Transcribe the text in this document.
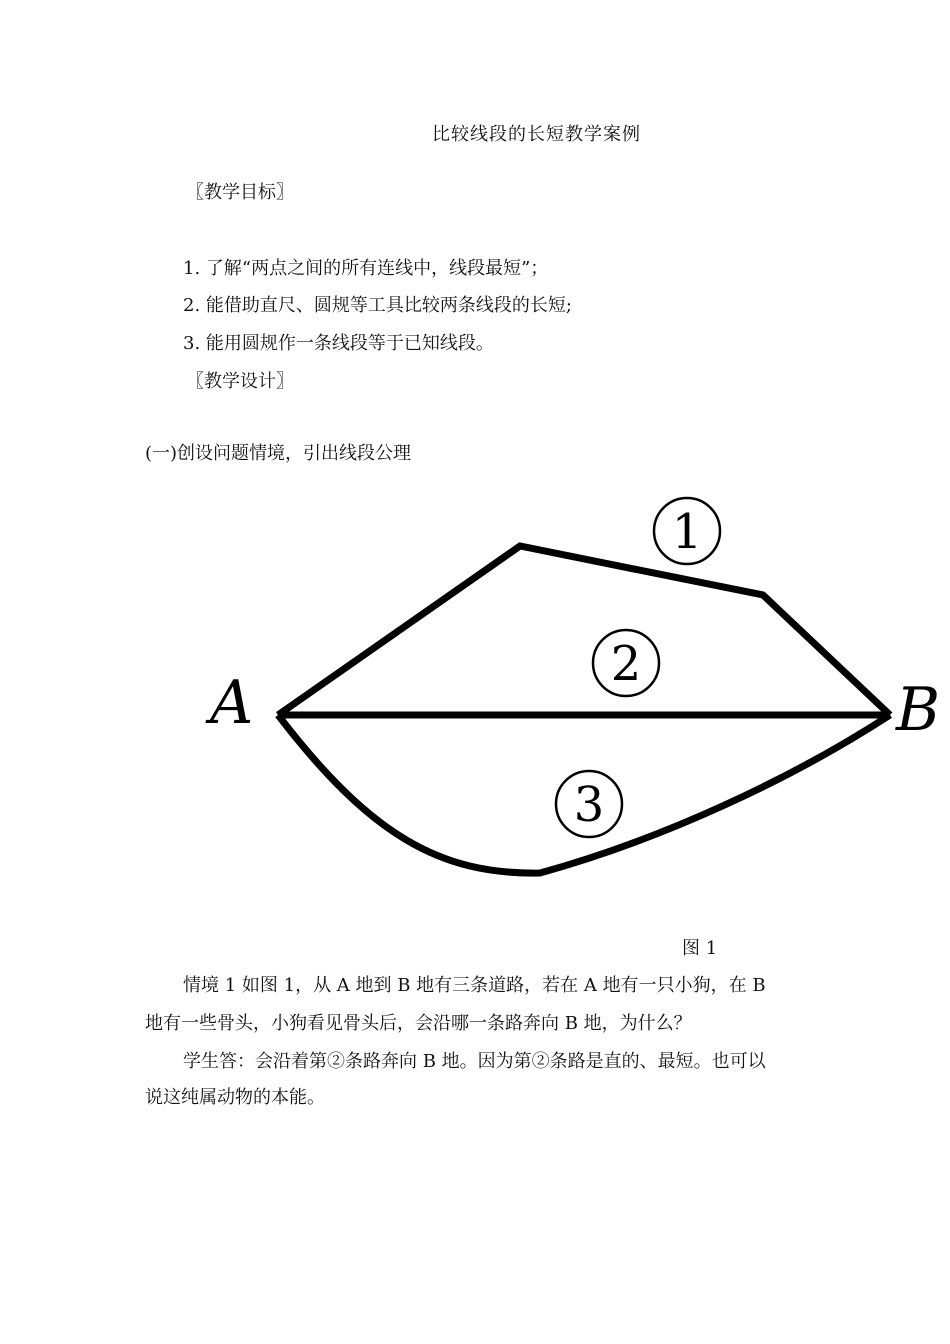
比较线段的长短教学案例
〖教学目标〗
1. 了解“两点之间的所有连线中，线段最短”；
2. 能借助直尺、圆规等工具比较两条线段的长短;
3. 能用圆规作一条线段等于已知线段。
〖教学设计〗
(一)创设问题情境，引出线段公理
1
2
3
A	B
图 1
情境 1 如图 1，从 A 地到 B 地有三条道路，若在 A 地有一只小狗，在 B
地有一些骨头，小狗看见骨头后，会沿哪一条路奔向 B 地，为什么？
学生答：会沿着第②条路奔向 B 地。因为第②条路是直的、最短。也可以
说这纯属动物的本能。
